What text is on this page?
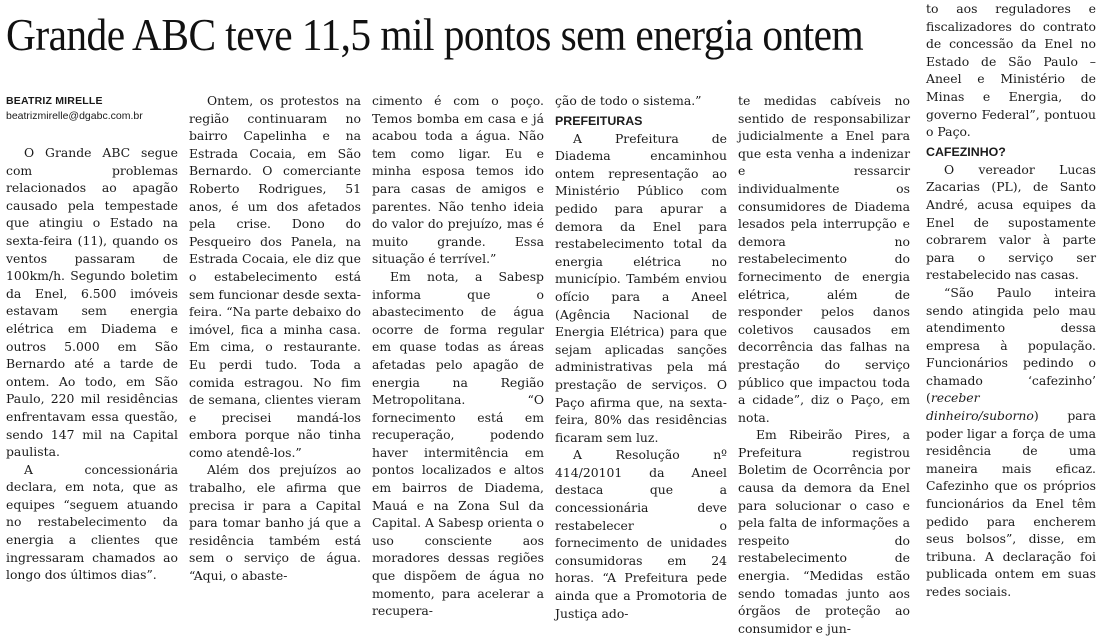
Grande ABC teve 11,5 mil pontos sem energia ontem
BEATRIZ MIRELLE
beatrizmirelle@dgabc.com.br

O Grande ABC segue com problemas relacionados ao apagão causado pela tempestade que atingiu o Estado na sexta-feira (11), quando os ventos passaram de 100km/h. Segundo boletim da Enel, 6.500 imóveis estavam sem energia elétrica em Diadema e outros 5.000 em São Bernardo até a tarde de ontem. Ao todo, em São Paulo, 220 mil residências enfrentavam essa questão, sendo 147 mil na Capital paulista.

A concessionária declara, em nota, que as equipes “seguem atuando no restabelecimento da energia a clientes que ingressaram chamados ao longo dos últimos dias”.

Ontem, os protestos na região continuaram no bairro Capelinha e na Estrada Cocaia, em São Bernardo. O comerciante Roberto Rodrigues, 51 anos, é um dos afetados pela crise. Dono do Pesqueiro dos Panela, na Estrada Cocaia, ele diz que o estabelecimento está sem funcionar desde sexta-feira. “Na parte debaixo do imóvel, fica a minha casa. Em cima, o restaurante. Eu perdi tudo. Toda a comida estragou. No fim de semana, clientes vieram e precisei mandá-los embora porque não tinha como atendê-los.”

Além dos prejuízos ao trabalho, ele afirma que precisa ir para a Capital para tomar banho já que a residência também está sem o serviço de água. “Aqui, o abaste-

cimento é com o poço. Temos bomba em casa e já acabou toda a água. Não tem como ligar. Eu e minha esposa temos ido para casas de amigos e parentes. Não tenho ideia do valor do prejuízo, mas é muito grande. Essa situação é terrível.”

Em nota, a Sabesp informa que o abastecimento de água ocorre de forma regular em quase todas as áreas afetadas pelo apagão de energia na Região Metropolitana. “O fornecimento está em recuperação, podendo haver intermitência em pontos localizados e altos em bairros de Diadema, Mauá e na Zona Sul da Capital. A Sabesp orienta o uso consciente aos moradores dessas regiões que dispõem de água no momento, para acelerar a recupera-

ção de todo o sistema.”

PREFEITURAS

A Prefeitura de Diadema encaminhou ontem representação ao Ministério Público com pedido para apurar a demora da Enel para restabelecimento total da energia elétrica no município. Também enviou ofício para a Aneel (Agência Nacional de Energia Elétrica) para que sejam aplicadas sanções administrativas pela má prestação de serviços. O Paço afirma que, na sexta-feira, 80% das residências ficaram sem luz.

A Resolução nº 414/20101 da Aneel destaca que a concessionária deve restabelecer o fornecimento de unidades consumidoras em 24 horas. “A Prefeitura pede ainda que a Promotoria de Justiça ado-

te medidas cabíveis no sentido de responsabilizar judicialmente a Enel para que esta venha a indenizar e ressarcir individualmente os consumidores de Diadema lesados pela interrupção e demora no restabelecimento do fornecimento de energia elétrica, além de responder pelos danos coletivos causados em decorrência das falhas na prestação do serviço público que impactou toda a cidade”, diz o Paço, em nota.

Em Ribeirão Pires, a Prefeitura registrou Boletim de Ocorrência por causa da demora da Enel para solucionar o caso e pela falta de informações a respeito do restabelecimento de energia. “Medidas estão sendo tomadas junto aos órgãos de proteção ao consumidor e jun-

to aos reguladores e fiscalizadores do contrato de concessão da Enel no Estado de São Paulo – Aneel e Ministério de Minas e Energia, do governo Federal”, pontuou o Paço.

CAFEZINHO?

O vereador Lucas Zacarias (PL), de Santo André, acusa equipes da Enel de supostamente cobrarem valor à parte para o serviço ser restabelecido nas casas.

“São Paulo inteira sendo atingida pelo mau atendimento dessa empresa à população. Funcionários pedindo o chamado ‘cafezinho’ (receber dinheiro/suborno) para poder ligar a força de uma residência de uma maneira mais eficaz. Cafezinho que os próprios funcionários da Enel têm pedido para encherem seus bolsos”, disse, em tribuna. A declaração foi publicada ontem em suas redes sociais.
